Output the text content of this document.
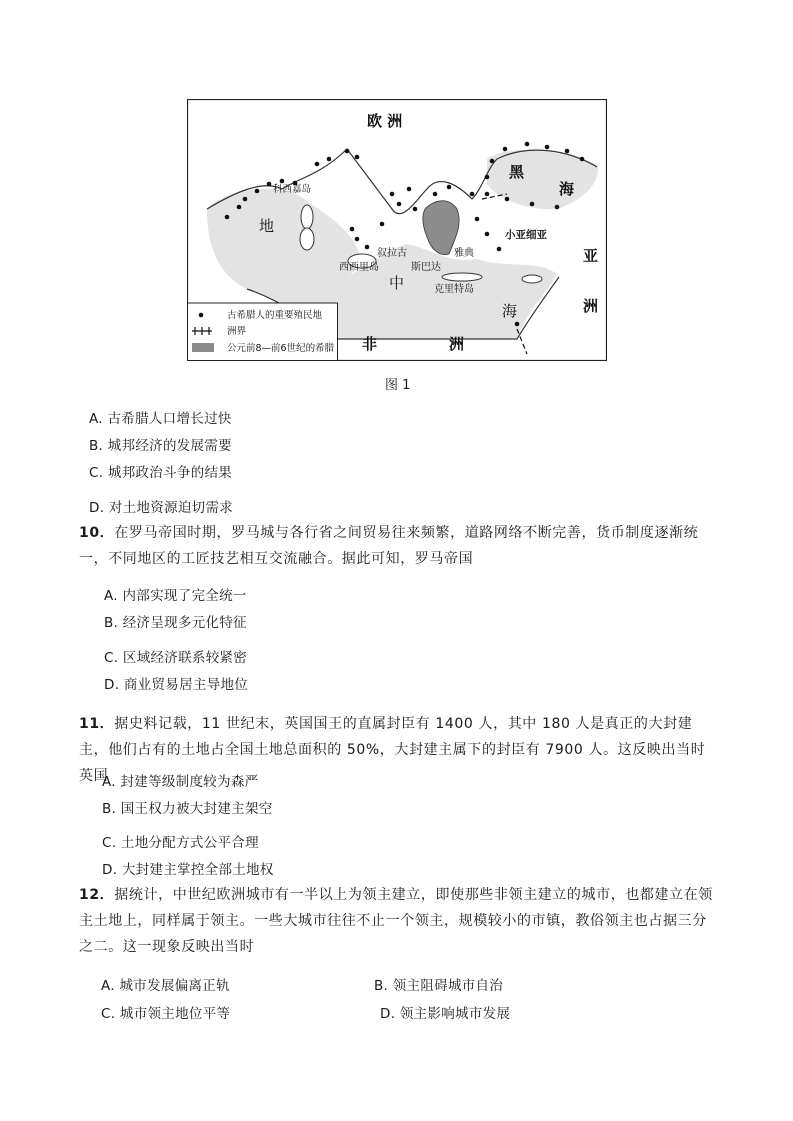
欧 洲
黑
海
科西嘉岛
地	小亚细亚
叙拉古	雅典
西西里岛	斯巴达
克里特岛
中
海
亚
洲
非	洲
古希腊人的重要殖民地
洲界
公元前8—前6世纪的希腊
图 1
A. 古希腊人口增长过快
B. 城邦经济的发展需要
C. 城邦政治斗争的结果
D. 对土地资源迫切需求
10．在罗马帝国时期，罗马城与各行省之间贸易往来频繁，道路网络不断完善，货币制度逐渐统一，不同地区的工匠技艺相互交流融合。据此可知，罗马帝国
A. 内部实现了完全统一
B. 经济呈现多元化特征
C. 区域经济联系较紧密
D. 商业贸易居主导地位
11．据史料记载，11 世纪末，英国国王的直属封臣有 1400 人，其中 180 人是真正的大封建主，他们占有的土地占全国土地总面积的 50%，大封建主属下的封臣有 7900 人。这反映出当时英国
A. 封建等级制度较为森严
B. 国王权力被大封建主架空
C. 土地分配方式公平合理
D. 大封建主掌控全部土地权
12．据统计，中世纪欧洲城市有一半以上为领主建立，即使那些非领主建立的城市，也都建立在领主土地上，同样属于领主。一些大城市往往不止一个领主，规模较小的市镇，教俗领主也占据三分之二。这一现象反映出当时
A. 城市发展偏离正轨	B. 领主阻碍城市自治
C. 城市领主地位平等	D. 领主影响城市发展
